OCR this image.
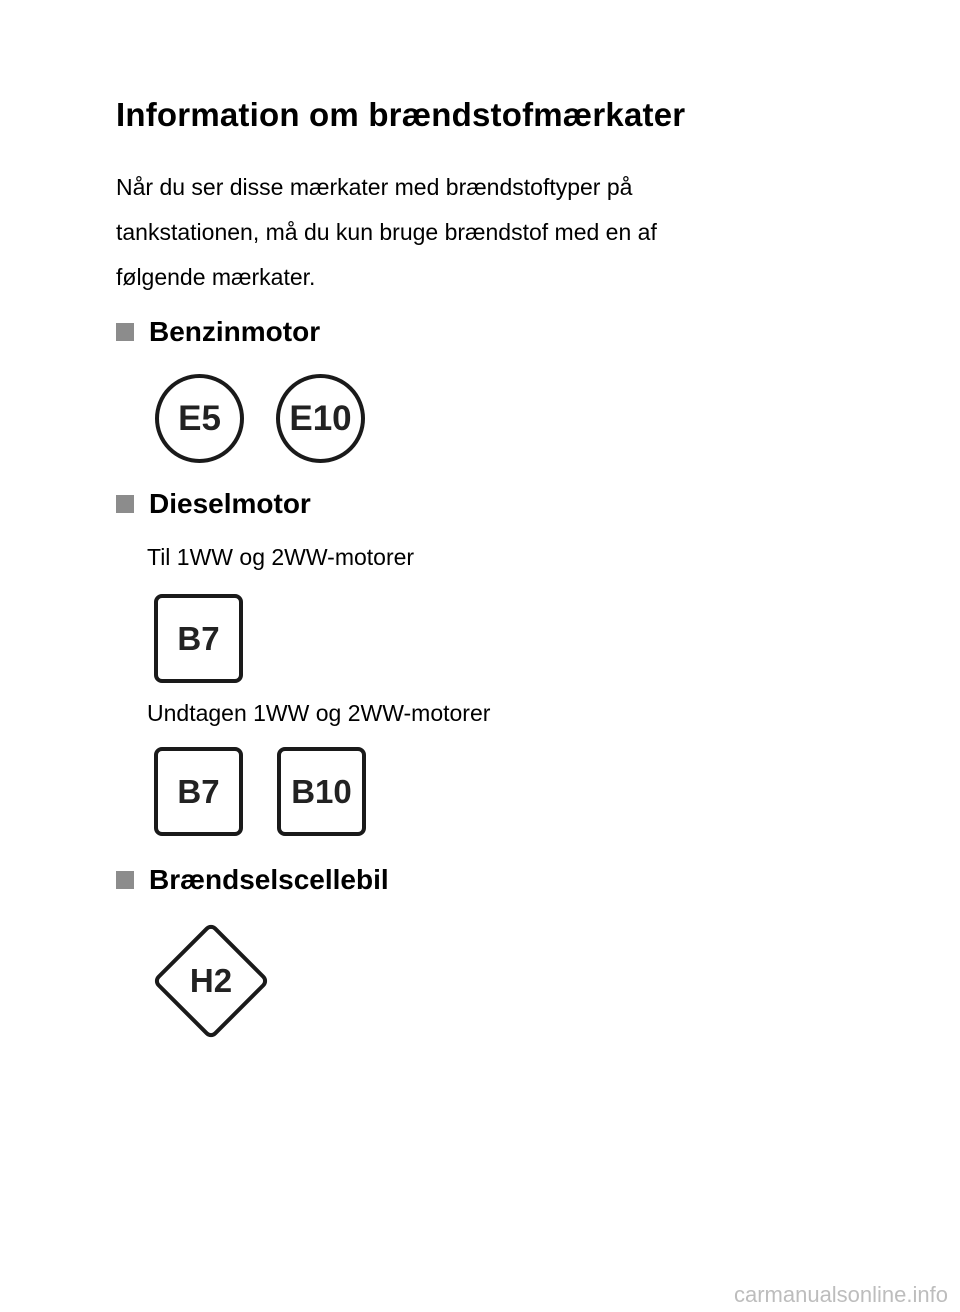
Information om brændstofmærkater
Når du ser disse mærkater med brændstoftyper på
tankstationen, må du kun bruge brændstof med en af
følgende mærkater.
Benzinmotor
E5	E10
Dieselmotor
Til 1WW og 2WW-motorer
B7
Undtagen 1WW og 2WW-motorer
B7	B10
Brændselscellebil
H2
carmanualsonline.info
